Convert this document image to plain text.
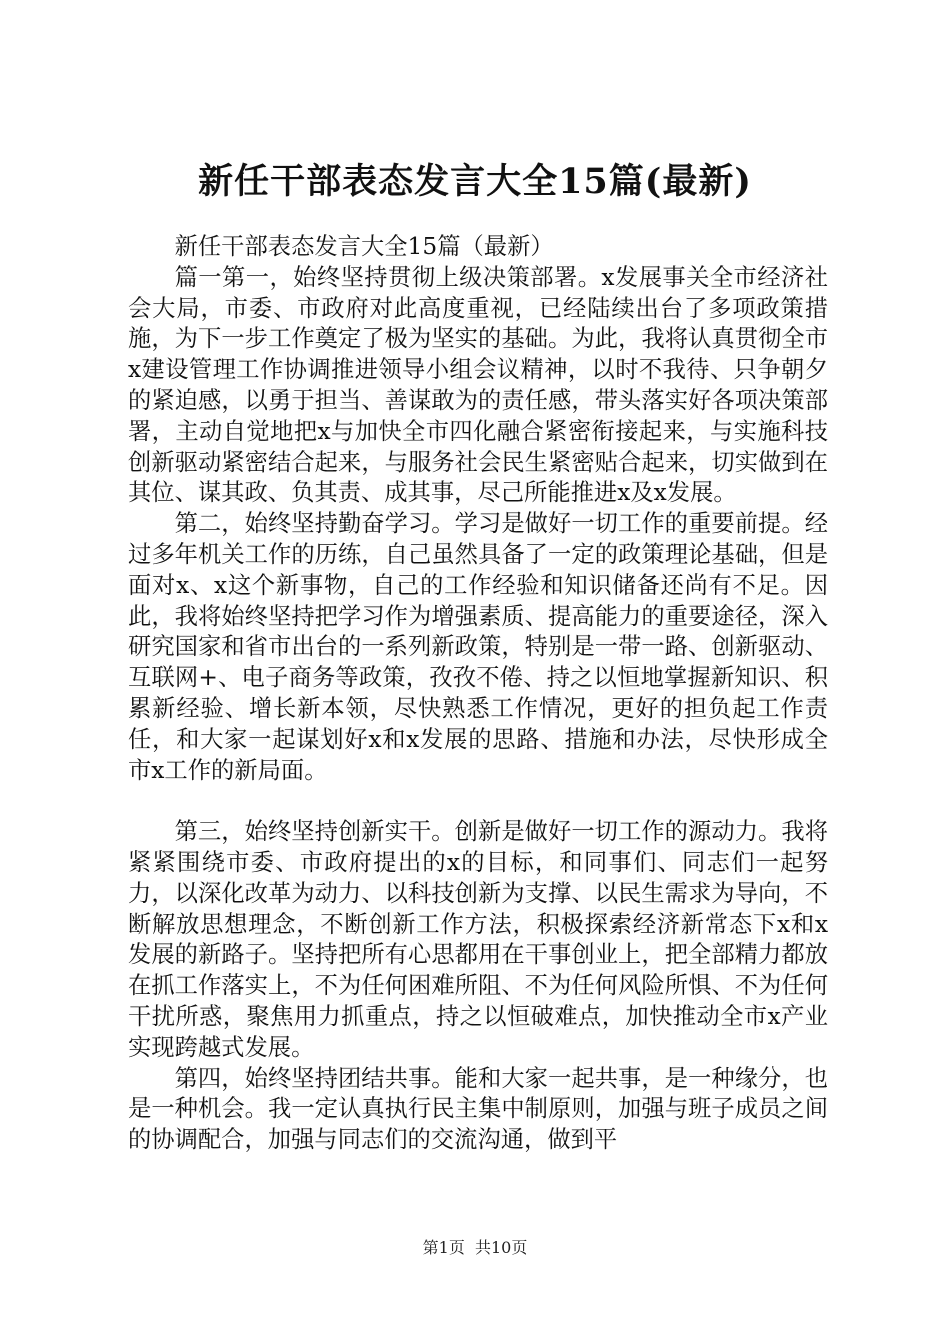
新任干部表态发言大全15篇(最新)

新任干部表态发言大全15篇（最新）

篇一第一，始终坚持贯彻上级决策部署。x发展事关全市经济社会大局，市委、市政府对此高度重视，已经陆续出台了多项政策措施，为下一步工作奠定了极为坚实的基础。为此，我将认真贯彻全市x建设管理工作协调推进领导小组会议精神，以时不我待、只争朝夕的紧迫感，以勇于担当、善谋敢为的责任感，带头落实好各项决策部署，主动自觉地把x与加快全市四化融合紧密衔接起来，与实施科技创新驱动紧密结合起来，与服务社会民生紧密贴合起来，切实做到在其位、谋其政、负其责、成其事，尽己所能推进x及x发展。

第二，始终坚持勤奋学习。学习是做好一切工作的重要前提。经过多年机关工作的历练，自己虽然具备了一定的政策理论基础，但是面对x、x这个新事物，自己的工作经验和知识储备还尚有不足。因此，我将始终坚持把学习作为增强素质、提高能力的重要途径，深入研究国家和省市出台的一系列新政策，特别是一带一路、创新驱动、互联网+、电子商务等政策，孜孜不倦、持之以恒地掌握新知识、积累新经验、增长新本领，尽快熟悉工作情况，更好的担负起工作责任，和大家一起谋划好x和x发展的思路、措施和办法，尽快形成全市x工作的新局面。

第三，始终坚持创新实干。创新是做好一切工作的源动力。我将紧紧围绕市委、市政府提出的x的目标，和同事们、同志们一起努力，以深化改革为动力、以科技创新为支撑、以民生需求为导向，不断解放思想理念，不断创新工作方法，积极探索经济新常态下x和x发展的新路子。坚持把所有心思都用在干事创业上，把全部精力都放在抓工作落实上，不为任何困难所阻、不为任何风险所惧、不为任何干扰所惑，聚焦用力抓重点，持之以恒破难点，加快推动全市x产业实现跨越式发展。

第四，始终坚持团结共事。能和大家一起共事，是一种缘分，也是一种机会。我一定认真执行民主集中制原则，加强与班子成员之间的协调配合，加强与同志们的交流沟通，做到平

第1页  共10页
